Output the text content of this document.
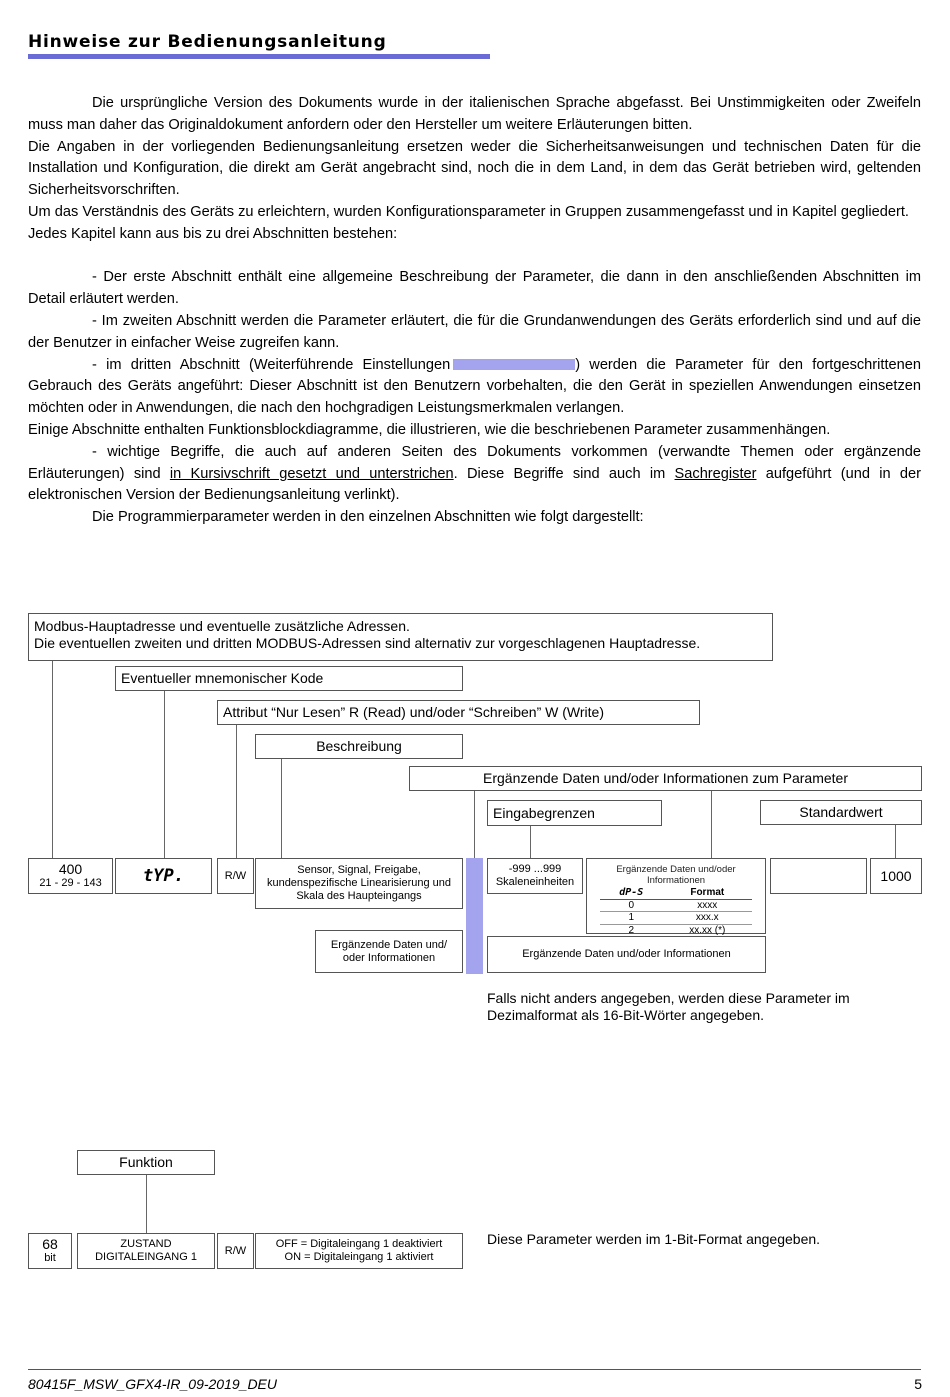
Hinweise zur Bedienungsanleitung

Die ursprüngliche Version des Dokuments wurde in der italienischen Sprache abgefasst. Bei Unstimmigkeiten oder Zweifeln muss man daher das Originaldokument anfordern oder den Hersteller um weitere Erläuterungen bitten.

Die Angaben in der vorliegenden Bedienungsanleitung ersetzen weder die Sicherheitsanweisungen und technischen Daten für die Installation und Konfiguration, die direkt am Gerät angebracht sind, noch die in dem Land, in dem das Gerät betrieben wird, geltenden Sicherheitsvorschriften.

Um das Verständnis des Geräts zu erleichtern, wurden Konfigurationsparameter in Gruppen zusammengefasst und in Kapitel gegliedert.

Jedes Kapitel kann aus bis zu drei Abschnitten bestehen:

- Der erste Abschnitt enthält eine allgemeine Beschreibung der Parameter, die dann in den anschließenden Abschnitten im Detail erläutert werden.

- Im zweiten Abschnitt werden die Parameter erläutert, die für die Grundanwendungen des Geräts erforderlich sind und auf die der Benutzer in einfacher Weise zugreifen kann.

- im dritten Abschnitt (Weiterführende Einstellungen	) werden die Parameter für den fortgeschrittenen Gebrauch des Geräts angeführt: Dieser Abschnitt ist den Benutzern vorbehalten, die den Gerät in speziellen Anwendungen einsetzen möchten oder in Anwendungen, die nach den hochgradigen Leistungsmerkmalen verlangen.

Einige Abschnitte enthalten Funktionsblockdiagramme, die illustrieren, wie die beschriebenen Parameter zusammenhängen.

- wichtige Begriffe, die auch auf anderen Seiten des Dokuments vorkommen (verwandte Themen oder ergänzende Erläuterungen) sind in Kursivschrift gesetzt und unterstrichen. Diese Begriffe sind auch im Sachregister aufgeführt (und in der elektronischen Version der Bedienungsanleitung verlinkt).

Die Programmierparameter werden in den einzelnen Abschnitten wie folgt dargestellt:

Modbus-Hauptadresse und eventuelle zusätzliche Adressen.
Die eventuellen zweiten und dritten MODBUS-Adressen sind alternativ zur vorgeschlagenen Hauptadresse.
Eventueller mnemonischer Kode
Attribut “Nur Lesen” R (Read) und/oder “Schreiben” W (Write)
Beschreibung
Ergänzende Daten und/oder Informationen zum Parameter
Eingabegrenzen	Standardwert
400
21 - 29 - 143 tYP.	R/W	Sensor, Signal, Freigabe, kundenspezifische Linearisierung und Skala des Haupteingangs
-999 ...999
Skaleneinheiten
Ergänzende Daten und/oder Informationen
dP-S	Format
0	xxxx
1	xxx.x
2	xx.xx (*)
1000
Ergänzende Daten und/ oder Informationen	Ergänzende Daten und/oder Informationen
Falls nicht anders angegeben, werden diese Parameter im Dezimalformat als 16-Bit-Wörter angegeben.
Funktion
68
bit
ZUSTAND DIGITALEINGANG 1
R/W
OFF = Digitaleingang 1 deaktiviert
ON = Digitaleingang 1 aktiviert
Diese Parameter werden im 1-Bit-Format angegeben.
80415F_MSW_GFX4-IR_09-2019_DEU	5
